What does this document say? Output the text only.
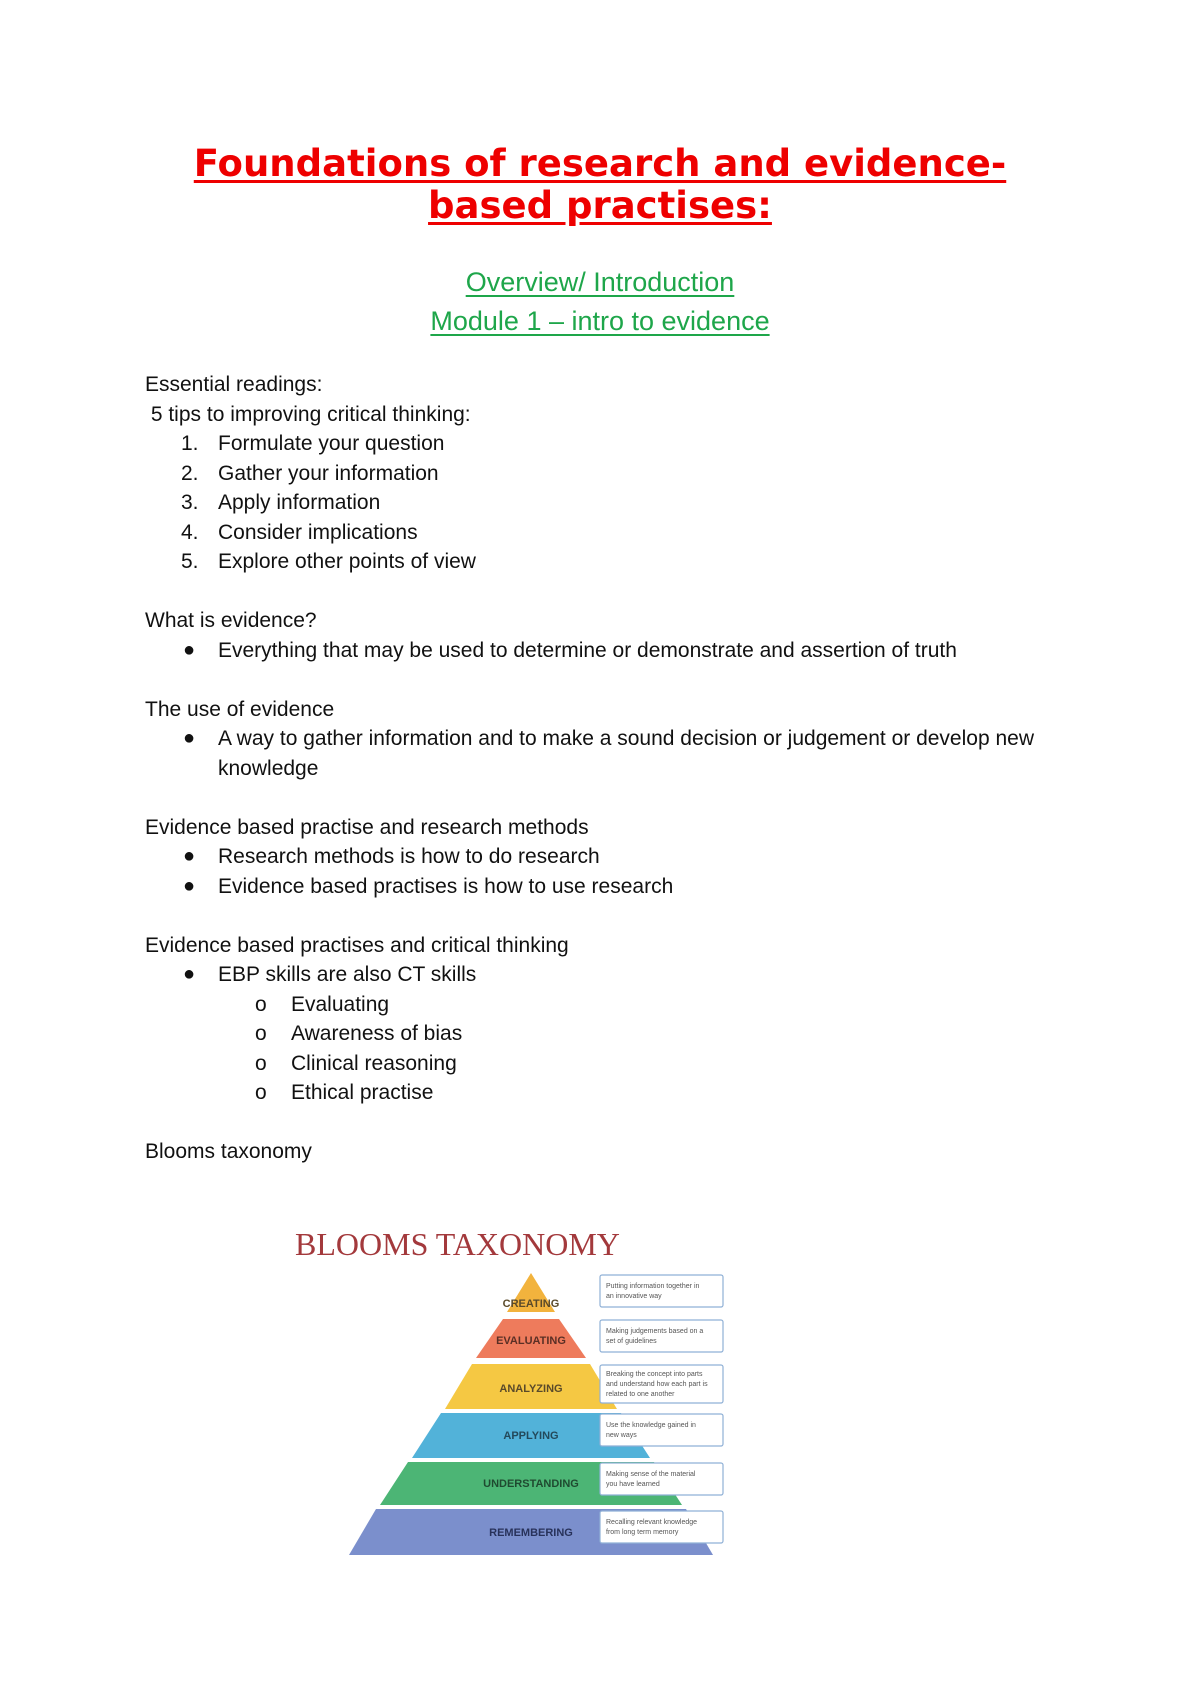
Foundations of research and evidence-
based practises:
Overview/ Introduction
Module 1 – intro to evidence

Essential readings:

5 tips to improving critical thinking:

1. Formulate your question
2. Gather your information
3. Apply information
4. Consider implications
5. Explore other points of view

What is evidence?

● Everything that may be used to determine or demonstrate and assertion of truth

The use of evidence

● A way to gather information and to make a sound decision or judgement or develop new knowledge

Evidence based practise and research methods

● Research methods is how to do research
● Evidence based practises is how to use research

Evidence based practises and critical thinking

● EBP skills are also CT skills
o Evaluating
o Awareness of bias
o Clinical reasoning
o Ethical practise

Blooms taxonomy

BLOOMS TAXONOMY
CREATING
EVALUATING
ANALYZING
APPLYING
UNDERSTANDING
REMEMBERING
Putting information together in
an innovative way
Making judgements based on a
set of guidelines
Breaking the concept into parts
and understand how each part is
related to one another
Use the knowledge gained in
new ways
Making sense of the material
you have learned
Recalling relevant knowledge
from long term memory
